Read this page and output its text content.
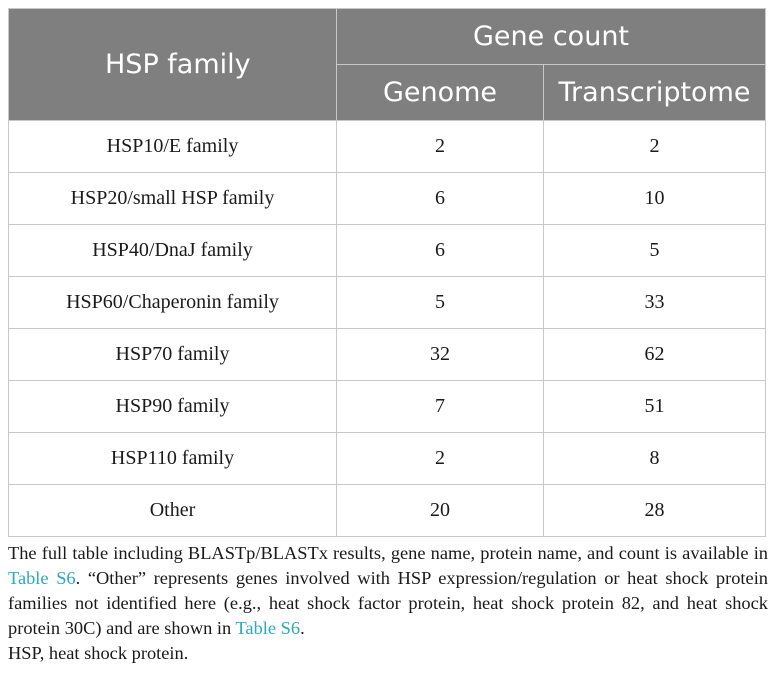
HSP family	Gene count	
	Genome	Transcriptome
HSP10/E family	2	2
HSP20/small HSP family	6	10
HSP40/DnaJ family	6	5
HSP60/Chaperonin family	5	33
HSP70 family	32	62
HSP90 family	7	51
HSP110 family	2	8
Other	20	28

The full table including BLASTp/BLASTx results, gene name, protein name, and count is available in Table S6. “Other” represents genes involved with HSP expression/regulation or heat shock protein families not identified here (e.g., heat shock factor protein, heat shock protein 82, and heat shock protein 30C) and are shown in Table S6.

HSP, heat shock protein.
